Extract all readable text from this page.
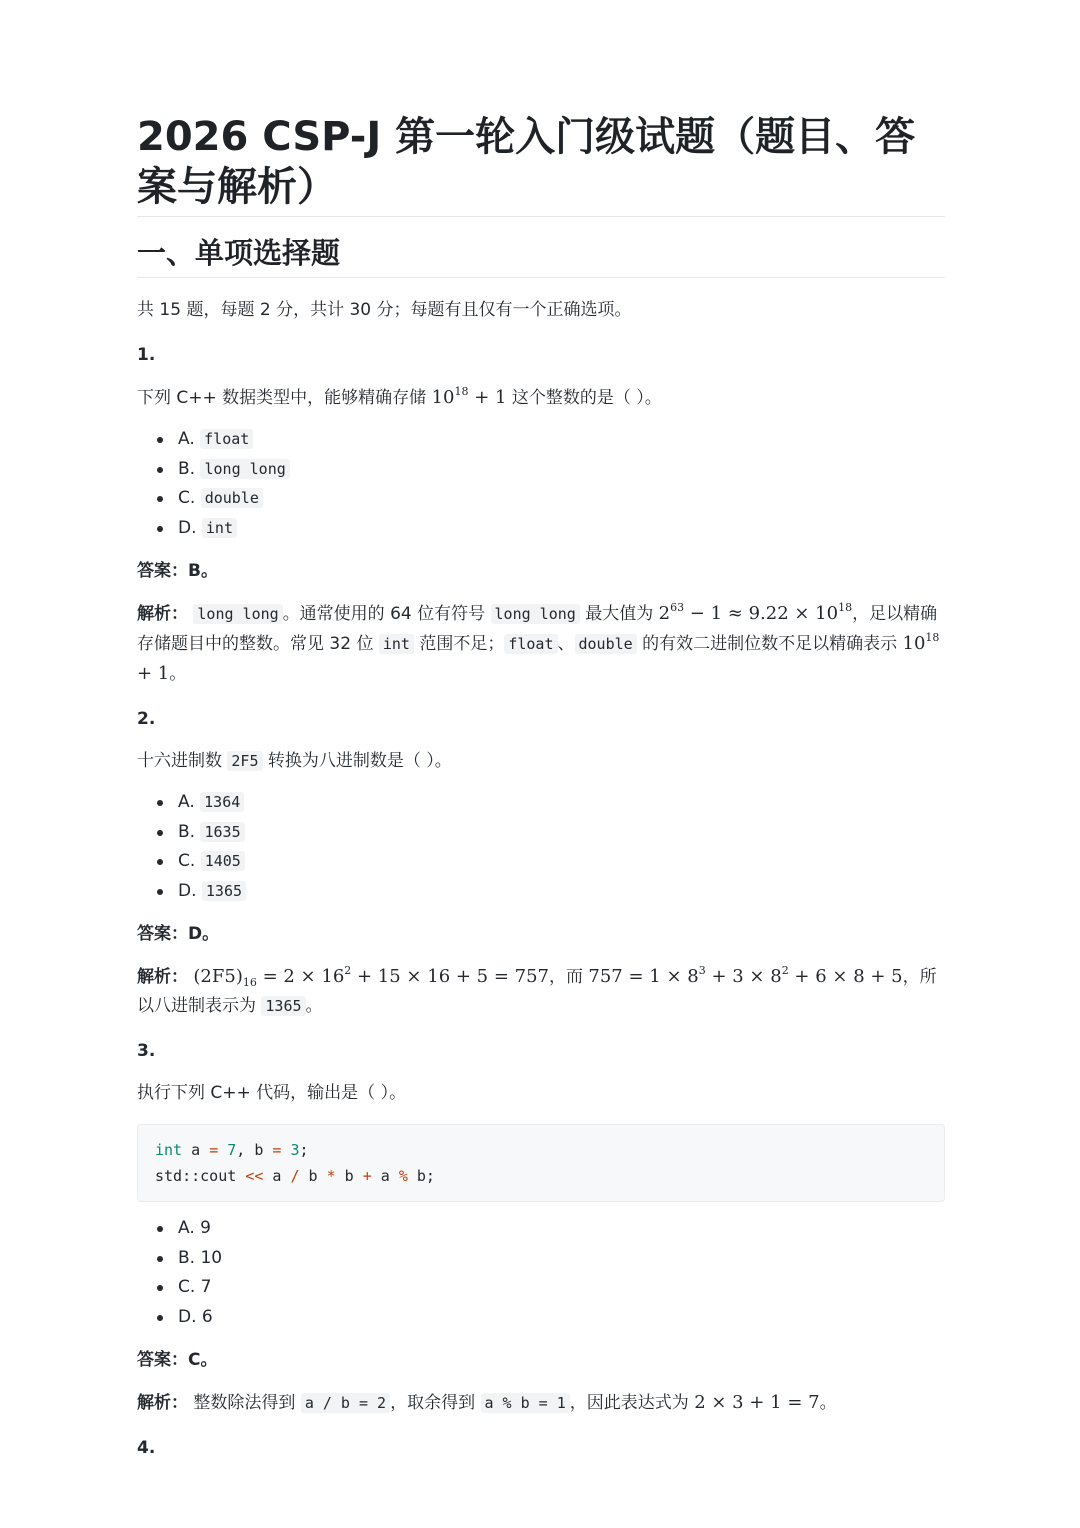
2026 CSP-J 第一轮入门级试题（题目、答案与解析）
一、单项选择题

共 15 题，每题 2 分，共计 30 分；每题有且仅有一个正确选项。

1.

下列 C++ 数据类型中，能够精确存储 $10^{18} + 1$ 这个整数的是（ ）。

A. float
B. long long
C. double
D. int

答案：B。

解析： long long 。通常使用的 64 位有符号 long long 最大值为 $2^{63} - 1 \approx 9.22 \times 10^{18}$，足以精确存储题目中的整数。常见 32 位 int 范围不足； float 、 double 的有效二进制位数不足以精确表示 $10^{18} + 1$。

2.

十六进制数 2F5 转换为八进制数是（ ）。

A. 1364
B. 1635
C. 1405
D. 1365

答案：D。

解析： $(2F5)_{16} = 2 \times 16^2 + 15 \times 16 + 5 = 757$，而 $757 = 1 \times 8^3 + 3 \times 8^2 + 6 \times 8 + 5$，所以八进制表示为 1365 。

3.

执行下列 C++ 代码，输出是（ ）。

int a = 7, b = 3;
std::cout << a / b * b + a % b;
A. 9
B. 10
C. 7
D. 6

答案：C。

解析： 整数除法得到 a / b = 2 ，取余得到 a % b = 1 ，因此表达式为 2 × 3 + 1 = 7。

4.
